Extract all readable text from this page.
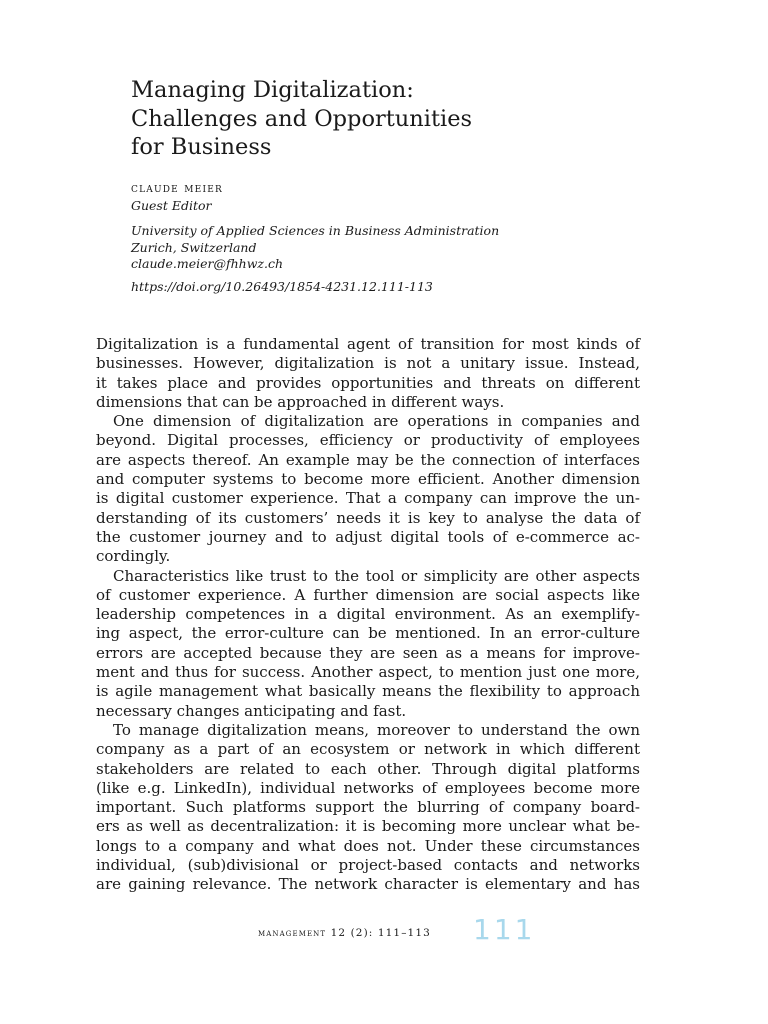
Managing Digitalization:
Challenges and Opportunities
for Business
claude meier
Guest Editor
University of Applied Sciences in Business Administration
Zurich, Switzerland
claude.meier@fhhwz.ch
https://doi.org/10.26493/1854-4231.12.111-113

Digitalization is a fundamental agent of transition for most kinds of
businesses. However, digitalization is not a unitary issue. Instead,
it takes place and provides opportunities and threats on different
dimensions that can be approached in different ways.

One dimension of digitalization are operations in companies and
beyond. Digital processes, efficiency or productivity of employees
are aspects thereof. An example may be the connection of interfaces
and computer systems to become more efficient. Another dimension
is digital customer experience. That a company can improve the un-
derstanding of its customers’ needs it is key to analyse the data of
the customer journey and to adjust digital tools of e-commerce ac-
cordingly.

Characteristics like trust to the tool or simplicity are other aspects
of customer experience. A further dimension are social aspects like
leadership competences in a digital environment. As an exemplify-
ing aspect, the error-culture can be mentioned. In an error-culture
errors are accepted because they are seen as a means for improve-
ment and thus for success. Another aspect, to mention just one more,
is agile management what basically means the flexibility to approach
necessary changes anticipating and fast.

To manage digitalization means, moreover to understand the own
company as a part of an ecosystem or network in which different
stakeholders are related to each other. Through digital platforms
(like e.g. LinkedIn), individual networks of employees become more
important. Such platforms support the blurring of company board-
ers as well as decentralization: it is becoming more unclear what be-
longs to a company and what does not. Under these circumstances
individual, (sub)divisional or project-based contacts and networks
are gaining relevance. The network character is elementary and has

management 12 (2): 111–113 111
